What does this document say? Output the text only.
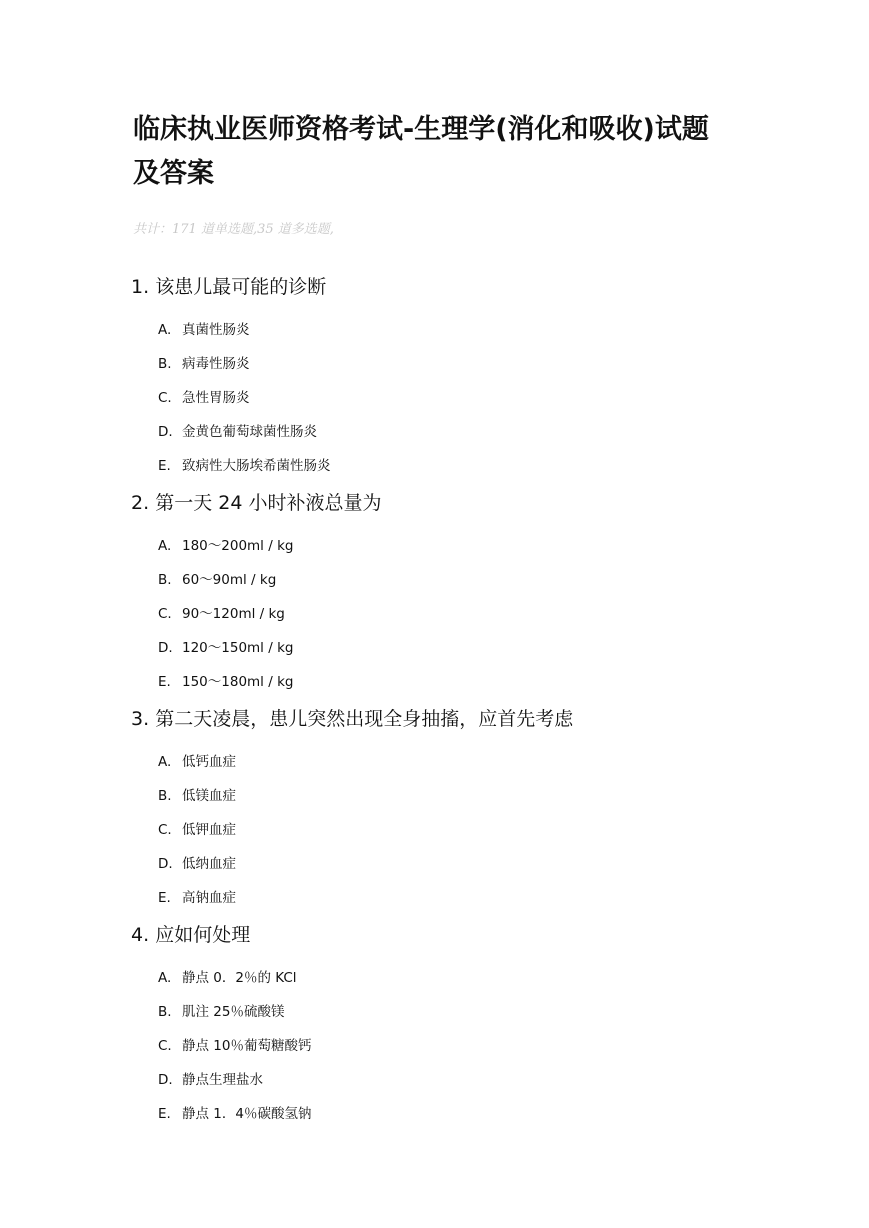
临床执业医师资格考试-生理学(消化和吸收)试题及答案
共计：171 道单选题,35 道多选题,

1. 该患儿最可能的诊断

A. 真菌性肠炎
B. 病毒性肠炎
C. 急性胃肠炎
D. 金黄色葡萄球菌性肠炎
E. 致病性大肠埃希菌性肠炎

2. 第一天 24 小时补液总量为

A. 180～200ml / kg
B. 60～90ml / kg
C. 90～120ml / kg
D. 120～150ml / kg
E. 150～180ml / kg

3. 第二天凌晨，患儿突然出现全身抽搐，应首先考虑

A. 低钙血症
B. 低镁血症
C. 低钾血症
D. 低纳血症
E. 高钠血症

4. 应如何处理

A. 静点 0．2％的 KCl
B. 肌注 25％硫酸镁
C. 静点 10％葡萄糖酸钙
D. 静点生理盐水
E. 静点 1．4％碳酸氢钠
